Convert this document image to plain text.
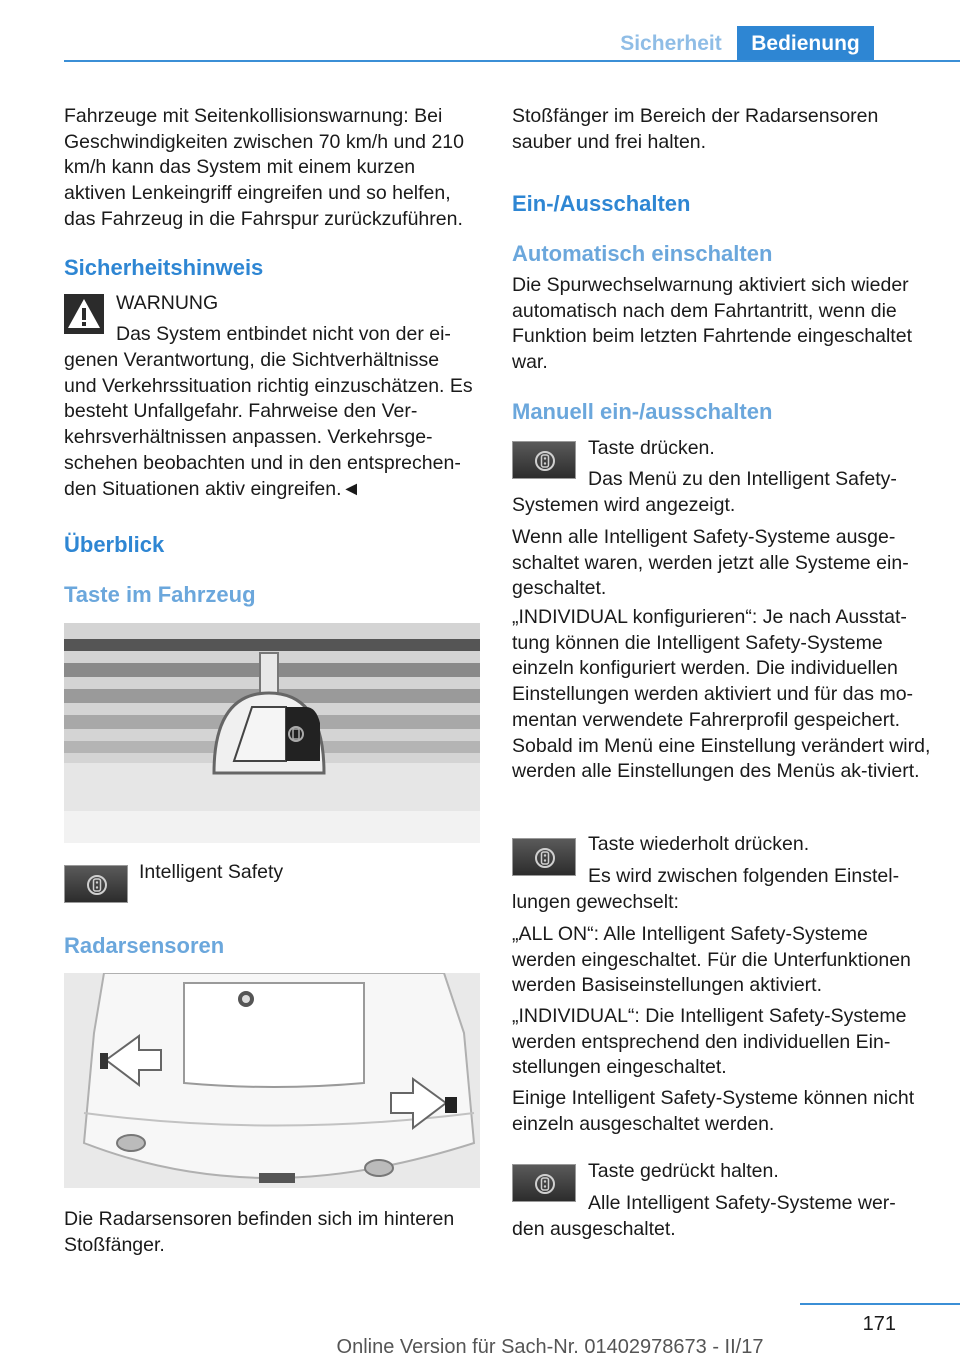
Sicherheit	Bedienung
Fahrzeuge mit Seitenkollisionswarnung: Bei Geschwindigkeiten zwischen 70 km/h und 210 km/h kann das System mit einem kurzen aktiven Lenkeingriff eingreifen und so helfen, das Fahrzeug in die Fahrspur zurückzuführen.
Sicherheitshinweis
WARNUNG
Das System entbindet nicht von der ei-
genen Verantwortung, die Sichtverhältnisse und Verkehrssituation richtig einzuschätzen. Es besteht Unfallgefahr. Fahrweise den Ver-kehrsverhältnissen anpassen. Verkehrsge-schehen beobachten und in den entsprechen-den Situationen aktiv eingreifen.◄
Überblick
Taste im Fahrzeug
Intelligent Safety
Radarsensoren
Die Radarsensoren befinden sich im hinteren Stoßfänger.
Stoßfänger im Bereich der Radarsensoren sauber und frei halten.
Ein-/Ausschalten
Automatisch einschalten
Die Spurwechselwarnung aktiviert sich wieder automatisch nach dem Fahrtantritt, wenn die Funktion beim letzten Fahrtende eingeschaltet war.
Manuell ein-/ausschalten
Taste drücken.
Das Menü zu den Intelligent Safety-
Systemen wird angezeigt.
Wenn alle Intelligent Safety-Systeme ausge-schaltet waren, werden jetzt alle Systeme ein-geschaltet.
„INDIVIDUAL konfigurieren“: Je nach Ausstat-tung können die Intelligent Safety-Systeme einzeln konfiguriert werden. Die individuellen Einstellungen werden aktiviert und für das mo-mentan verwendete Fahrerprofil gespeichert. Sobald im Menü eine Einstellung verändert wird, werden alle Einstellungen des Menüs ak-tiviert.
Taste wiederholt drücken.
Es wird zwischen folgenden Einstel-
lungen gewechselt:
„ALL ON“: Alle Intelligent Safety-Systeme werden eingeschaltet. Für die Unterfunktionen werden Basiseinstellungen aktiviert.
„INDIVIDUAL“: Die Intelligent Safety-Systeme werden entsprechend den individuellen Ein-stellungen eingeschaltet.
Einige Intelligent Safety-Systeme können nicht einzeln ausgeschaltet werden.
Taste gedrückt halten.
Alle Intelligent Safety-Systeme wer-
den ausgeschaltet.
171
Online Version für Sach-Nr. 01402978673 - II/17
